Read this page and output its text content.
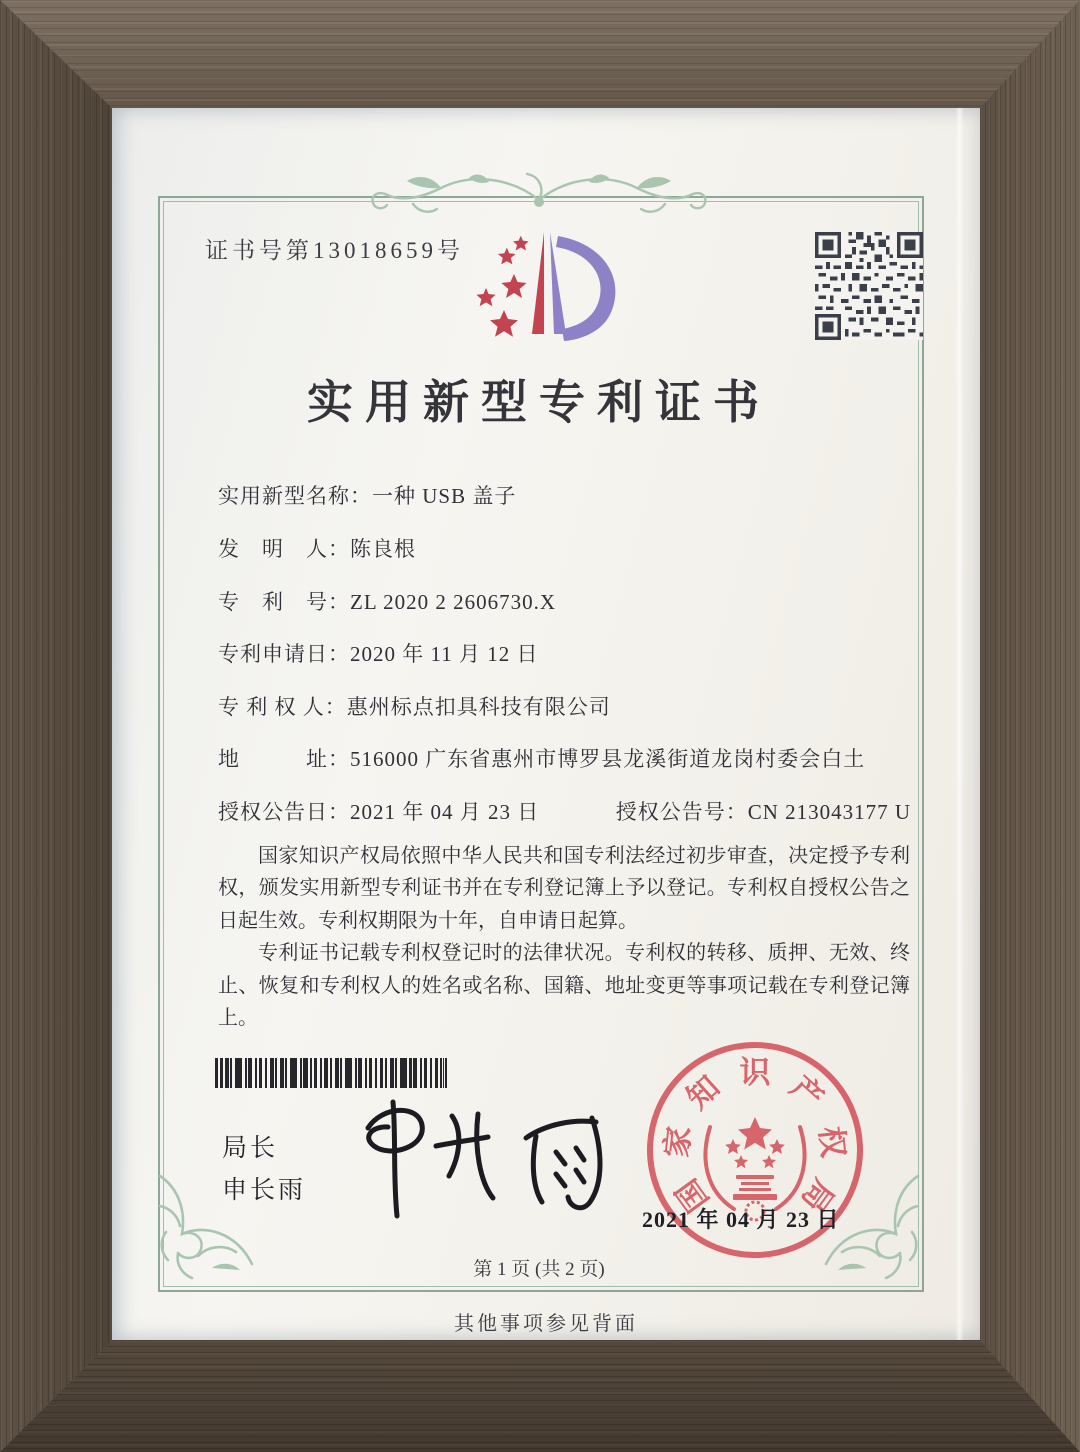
证书号第13018659号
实用新型专利证书
实用新型名称：一种 USB 盖子
发　明　人：陈良根
专　利　号：ZL 2020 2 2606730.X
专利申请日：2020 年 11 月 12 日
专 利 权 人：惠州标点扣具科技有限公司
地　　　址：516000 广东省惠州市博罗县龙溪街道龙岗村委会白土
授权公告日：2021 年 04 月 23 日	授权公告号：CN 213043177 U

国家知识产权局依照中华人民共和国专利法经过初步审查，决定授予专利权，颁发实用新型专利证书并在专利登记簿上予以登记。专利权自授权公告之日起生效。专利权期限为十年，自申请日起算。

专利证书记载专利权登记时的法律状况。专利权的转移、质押、无效、终止、恢复和专利权人的姓名或名称、国籍、地址变更等事项记载在专利登记簿上。

局长
申长雨	国
家
知 识 产
权
局
2021 年 04 月 23 日
第 1 页 (共 2 页)
其他事项参见背面
